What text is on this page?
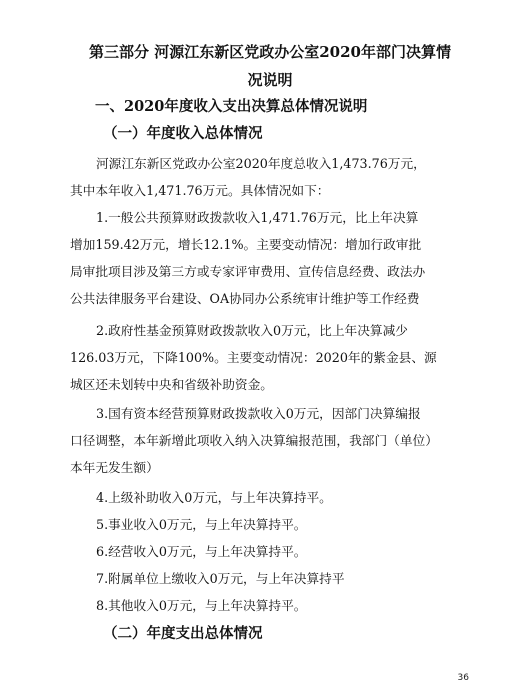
第三部分 河源江东新区党政办公室2020年部门决算情
况说明
一、2020年度收入支出决算总体情况说明
（一）年度收入总体情况
河源江东新区党政办公室2020年度总收入1,473.76万元，
其中本年收入1,471.76万元。具体情况如下：
1.一般公共预算财政拨款收入1,471.76万元，比上年决算
增加159.42万元，增长12.1%。主要变动情况：增加行政审批
局审批项目涉及第三方或专家评审费用、宣传信息经费、政法办
公共法律服务平台建设、OA协同办公系统审计维护等工作经费
2.政府性基金预算财政拨款收入0万元，比上年决算减少
126.03万元，下降100%。主要变动情况：2020年的紫金县、源
城区还未划转中央和省级补助资金。
3.国有资本经营预算财政拨款收入0万元，因部门决算编报
口径调整，本年新增此项收入纳入决算编报范围，我部门（单位）
本年无发生额）
4.上级补助收入0万元，与上年决算持平。
5.事业收入0万元，与上年决算持平。
6.经营收入0万元，与上年决算持平。
7.附属单位上缴收入0万元，与上年决算持平
8.其他收入0万元，与上年决算持平。
（二）年度支出总体情况
36
